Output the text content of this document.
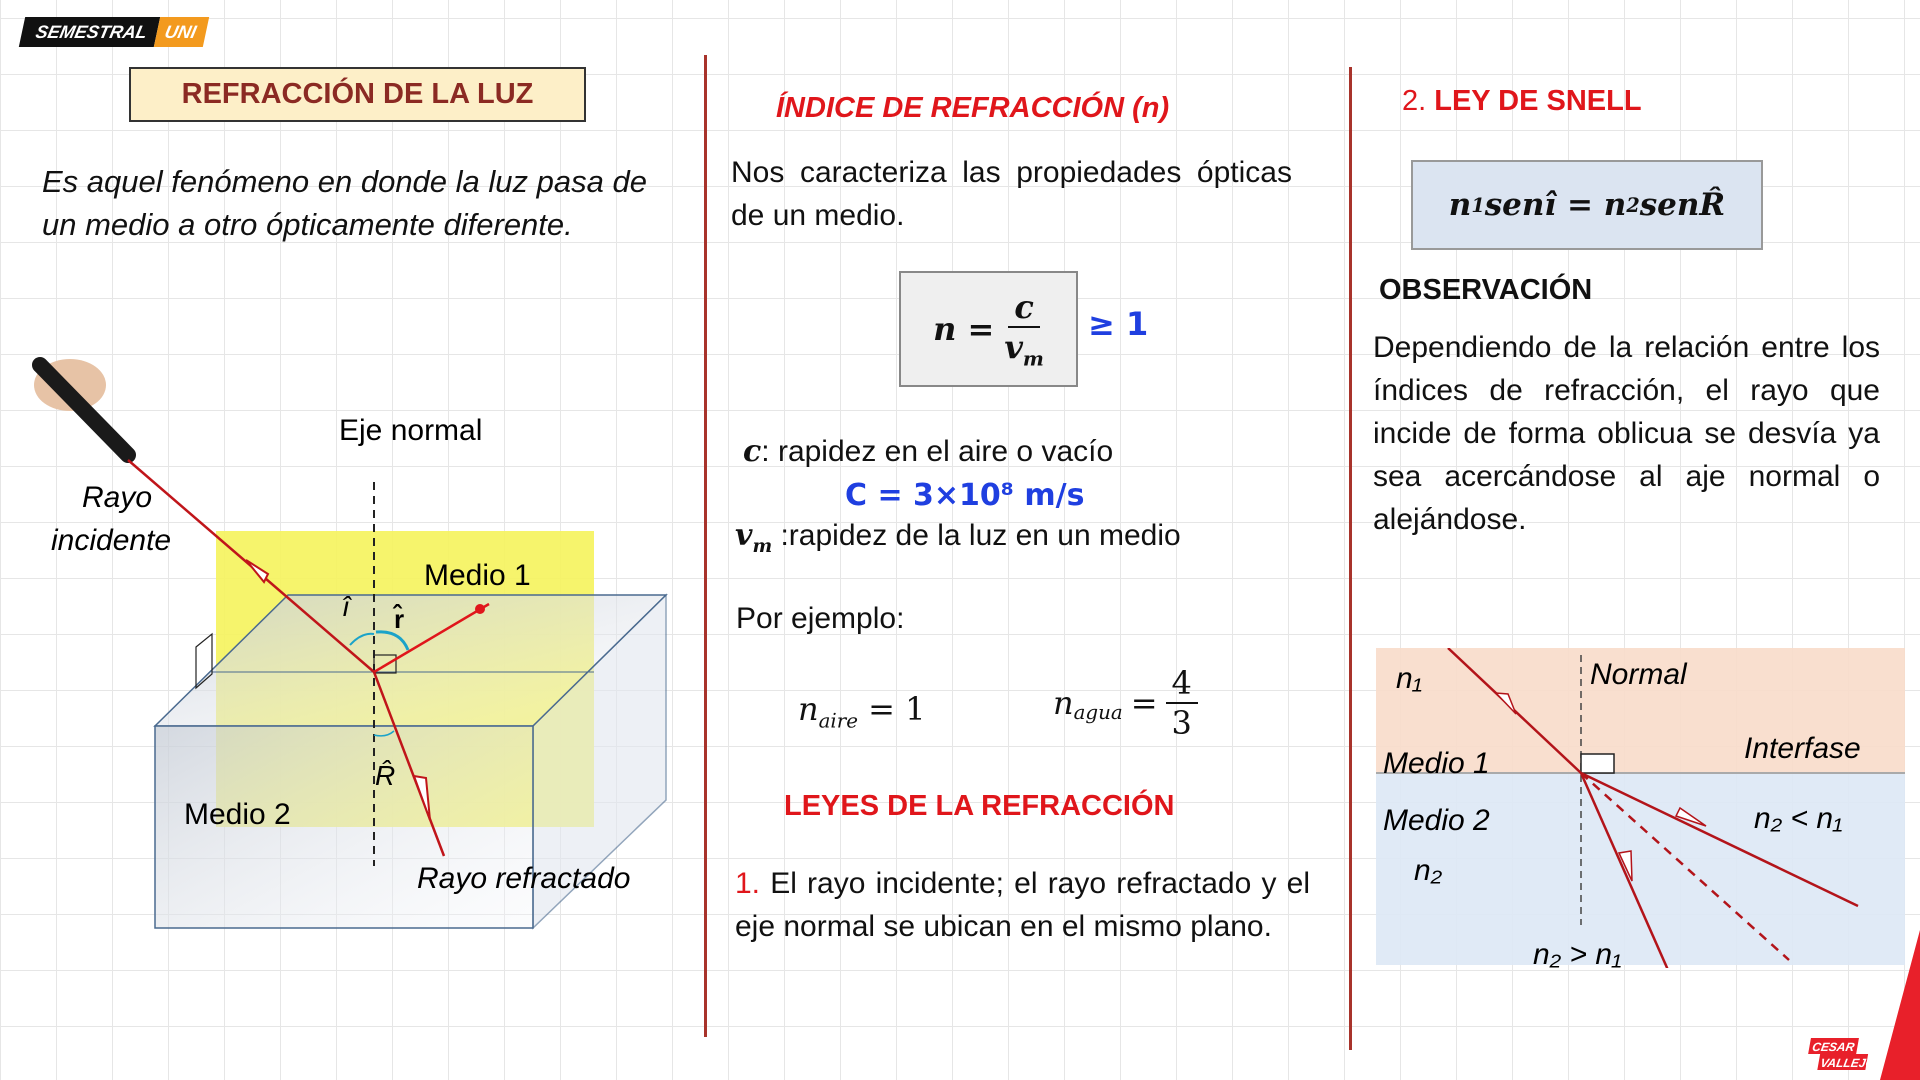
SEMESTRAL UNI
REFRACCIÓN DE LA LUZ
Es aquel fenómeno en donde la luz pasa de un medio a otro ópticamente diferente.
Eje normal
Rayo
incidente
Medio 1
Medio 2
Rayo refractado
î r̂
R̂
ÍNDICE DE REFRACCIÓN (n)
Nos caracteriza las propiedades ópticas de un medio.
$n = \frac{c}{v_m} \ge 1$
c: rapidez en el aire o vacío
C = 3×10⁸ m/s
$v_m$ :rapidez de la luz en un medio
Por ejemplo:
$n_{aire} = 1$	$n_{agua} = \frac{4}{3}$
LEYES DE LA REFRACCIÓN
1. El rayo incidente; el rayo refractado y el eje normal se ubican en el mismo plano.
2. LEY DE SNELL
n 1 senî =
n 2 senR̂
OBSERVACIÓN
Dependiendo de la relación entre los índices de refracción, el rayo que incide de forma oblicua se desvía ya sea acercándose al aje normal o alejándose.
n₁	Normal
Interfase
Medio 1
Medio 2
n₂
n₂ < n₁
n₂ > n₁
CESAR
VALLEJO
